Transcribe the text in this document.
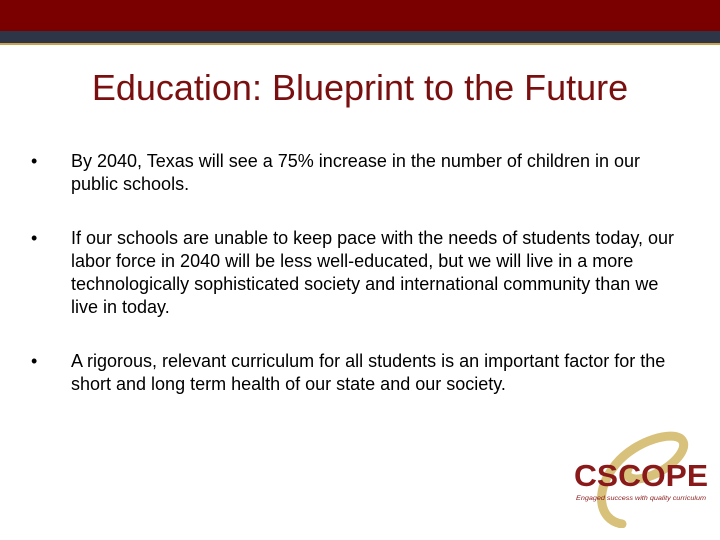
Education: Blueprint to the Future
• By 2040, Texas will see a 75% increase in the number of children in our public schools.
• If our schools are unable to keep pace with the needs of students today, our labor force in 2040 will be less well-educated, but we will live in a more technologically sophisticated society and international community than we live in today.
• A rigorous, relevant curriculum for all students is an important factor for the short and long term health of our state and our society.
CSCOPE
Engaged success with quality curriculum
